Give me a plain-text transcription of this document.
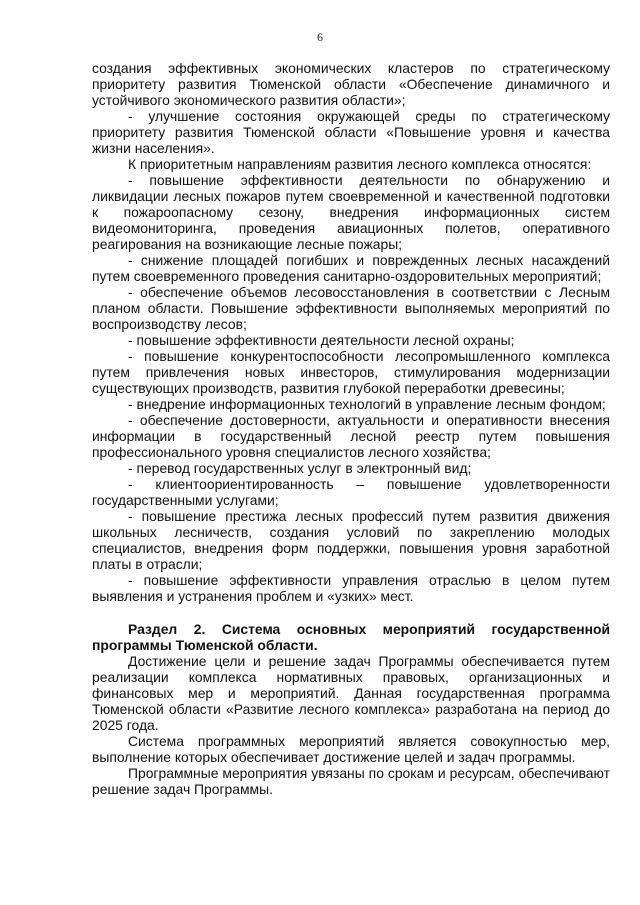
6

создания эффективных экономических кластеров по стратегическому приоритету развития Тюменской области «Обеспечение динамичного и устойчивого экономического развития области»;

- улучшение состояния окружающей среды по стратегическому приоритету развития Тюменской области «Повышение уровня и качества жизни населения».

К приоритетным направлениям развития лесного комплекса относятся:

- повышение эффективности деятельности по обнаружению и ликвидации лесных пожаров путем своевременной и качественной подготовки к пожароопасному сезону, внедрения информационных систем видеомониторинга, проведения авиационных полетов, оперативного реагирования на возникающие лесные пожары;

- снижение площадей погибших и поврежденных лесных насаждений путем своевременного проведения санитарно-оздоровительных мероприятий;

- обеспечение объемов лесовосстановления в соответствии с Лесным планом области. Повышение эффективности выполняемых мероприятий по воспроизводству лесов;

- повышение эффективности деятельности лесной охраны;

- повышение конкурентоспособности лесопромышленного комплекса путем привлечения новых инвесторов, стимулирования модернизации существующих производств, развития глубокой переработки древесины;

- внедрение информационных технологий в управление лесным фондом;

- обеспечение достоверности, актуальности и оперативности внесения информации в государственный лесной реестр путем повышения профессионального уровня специалистов лесного хозяйства;

- перевод государственных услуг в электронный вид;

- клиентоориентированность – повышение удовлетворенности государственными услугами;

- повышение престижа лесных профессий путем развития движения школьных лесничеств, создания условий по закреплению молодых специалистов, внедрения форм поддержки, повышения уровня заработной платы в отрасли;

- повышение эффективности управления отраслью в целом путем выявления и устранения проблем и «узких» мест.

Раздел 2. Система основных мероприятий государственной программы Тюменской области.

Достижение цели и решение задач Программы обеспечивается путем реализации комплекса нормативных правовых, организационных и финансовых мер и мероприятий. Данная государственная программа Тюменской области «Развитие лесного комплекса» разработана на период до 2025 года.

Система программных мероприятий является совокупностью мер, выполнение которых обеспечивает достижение целей и задач программы.

Программные мероприятия увязаны по срокам и ресурсам, обеспечивают решение задач Программы.
